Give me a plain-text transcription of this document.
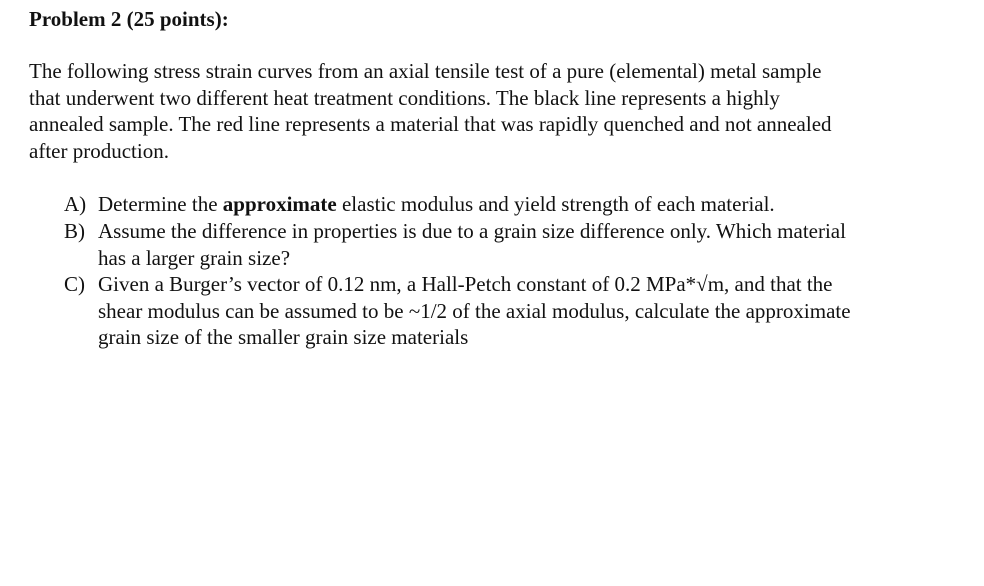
Problem 2 (25 points):
The following stress strain curves from an axial tensile test of a pure (elemental) metal sample
that underwent two different heat treatment conditions. The black line represents a highly
annealed sample. The red line represents a material that was rapidly quenched and not annealed
after production.
A) Determine the approximate elastic modulus and yield strength of each material.
B) Assume the difference in properties is due to a grain size difference only. Which material
has a larger grain size?
C) Given a Burger’s vector of 0.12 nm, a Hall-Petch constant of 0.2 MPa*√m, and that the
shear modulus can be assumed to be ~1/2 of the axial modulus, calculate the approximate
grain size of the smaller grain size materials
